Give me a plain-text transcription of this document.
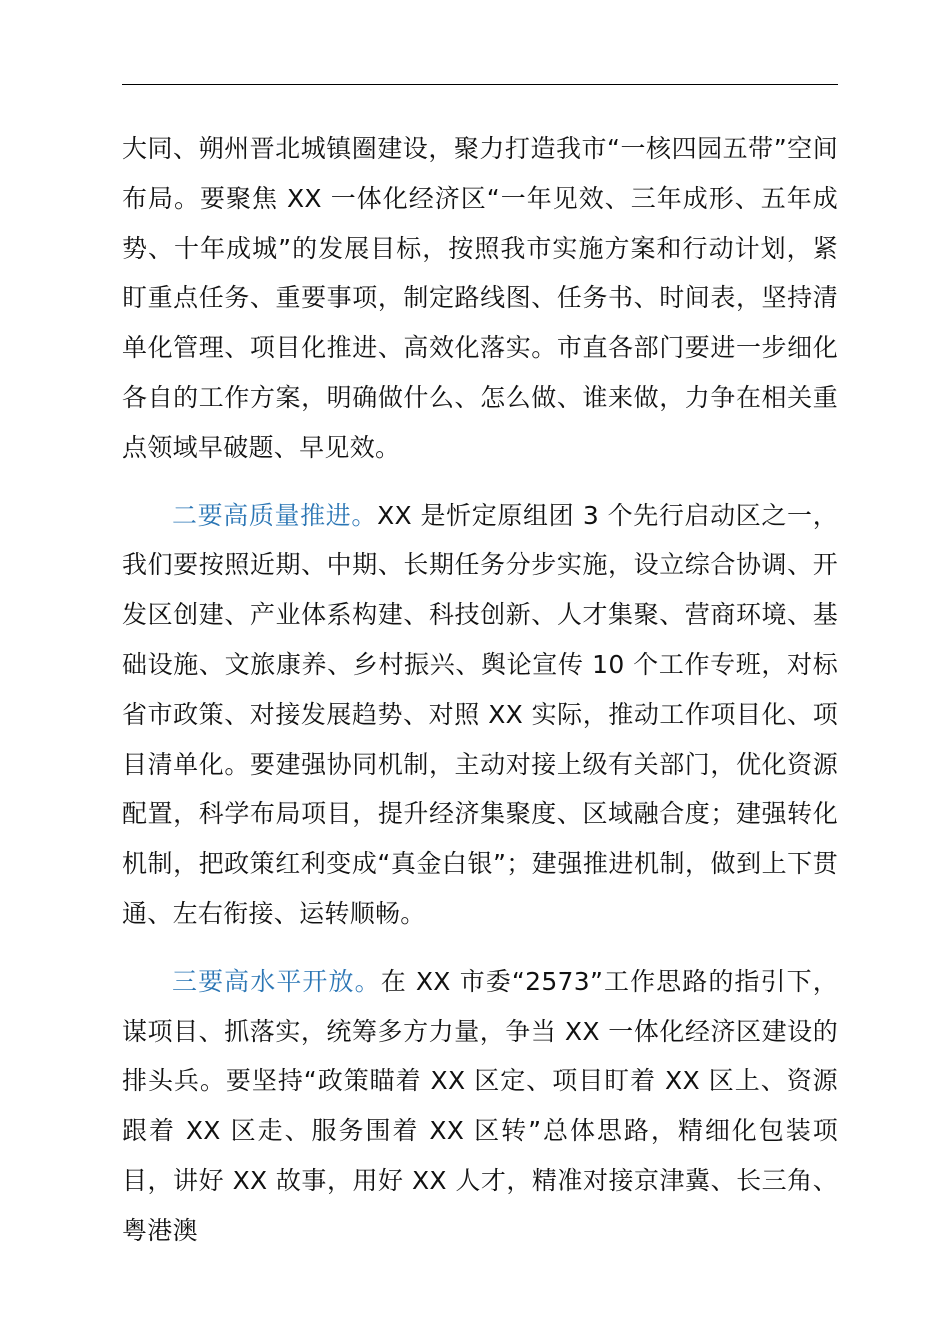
大同、朔州晋北城镇圈建设，聚力打造我市“一核四园五带”空间布局。要聚焦 XX 一体化经济区“一年见效、三年成形、五年成势、十年成城”的发展目标，按照我市实施方案和行动计划，紧盯重点任务、重要事项，制定路线图、任务书、时间表，坚持清单化管理、项目化推进、高效化落实。市直各部门要进一步细化各自的工作方案，明确做什么、怎么做、谁来做，力争在相关重点领域早破题、早见效。

二要高质量推进。XX 是忻定原组团 3 个先行启动区之一，我们要按照近期、中期、长期任务分步实施，设立综合协调、开发区创建、产业体系构建、科技创新、人才集聚、营商环境、基础设施、文旅康养、乡村振兴、舆论宣传 10 个工作专班，对标省市政策、对接发展趋势、对照 XX 实际，推动工作项目化、项目清单化。要建强协同机制，主动对接上级有关部门，优化资源配置，科学布局项目，提升经济集聚度、区域融合度；建强转化机制，把政策红利变成“真金白银”；建强推进机制，做到上下贯通、左右衔接、运转顺畅。

三要高水平开放。在 XX 市委“2573”工作思路的指引下，谋项目、抓落实，统筹多方力量，争当 XX 一体化经济区建设的排头兵。要坚持“政策瞄着 XX 区定、项目盯着 XX 区上、资源跟着 XX 区走、服务围着 XX 区转”总体思路，精细化包装项目，讲好 XX 故事，用好 XX 人才，精准对接京津冀、长三角、粤港澳
